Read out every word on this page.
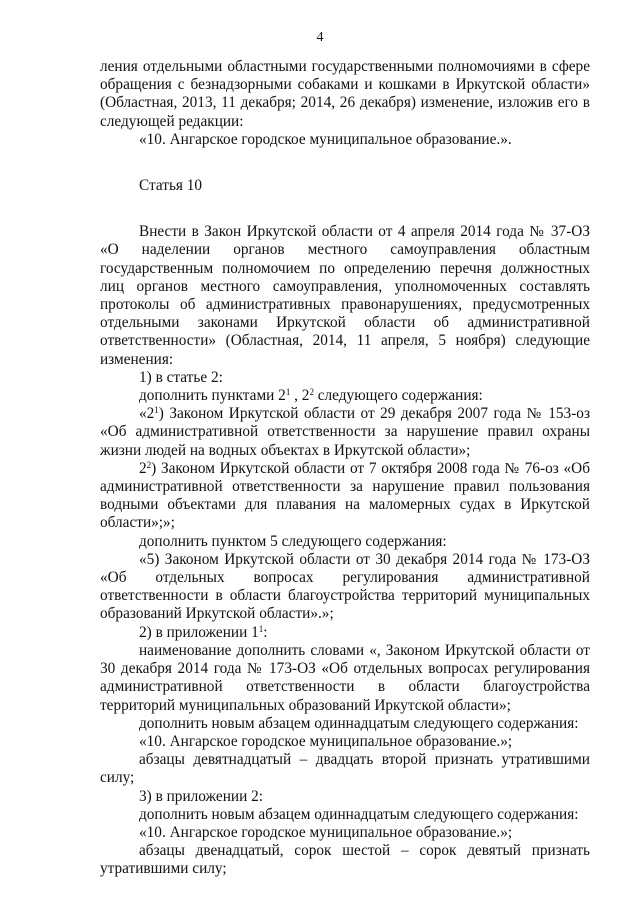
4

ления отдельными областными государственными полномочиями в сфере обращения с безнадзорными собаками и кошками в Иркутской области» (Областная, 2013, 11 декабря; 2014, 26 декабря) изменение, изложив его в следующей редакции:

«10. Ангарское городское муниципальное образование.».

Статья 10

Внести в Закон Иркутской области от 4 апреля 2014 года № 37-ОЗ «О наделении органов местного самоуправления областным государственным полномочием по определению перечня должностных лиц органов местного самоуправления, уполномоченных составлять протоколы об административных правонарушениях, предусмотренных отдельными законами Иркутской области об административной ответственности» (Областная, 2014, 11 апреля, 5 ноября) следующие изменения:

1) в статье 2:

дополнить пунктами $2^1$ , $2^2$ следующего содержания:

«$2^1$) Законом Иркутской области от 29 декабря 2007 года № 153-оз «Об административной ответственности за нарушение правил охраны жизни людей на водных объектах в Иркутской области»;

$2^2$) Законом Иркутской области от 7 октября 2008 года № 76-оз «Об административной ответственности за нарушение правил пользования водными объектами для плавания на маломерных судах в Иркутской области»;»;

дополнить пунктом 5 следующего содержания:

«5) Законом Иркутской области от 30 декабря 2014 года № 173-ОЗ «Об отдельных вопросах регулирования административной ответственности в области благоустройства территорий муниципальных образований Иркутской области».»;

2) в приложении $1^1$:

наименование дополнить словами «, Законом Иркутской области от 30 декабря 2014 года № 173-ОЗ «Об отдельных вопросах регулирования административной ответственности в области благоустройства территорий муниципальных образований Иркутской области»;

дополнить новым абзацем одиннадцатым следующего содержания:

«10. Ангарское городское муниципальное образование.»;

абзацы девятнадцатый – двадцать второй признать утратившими силу;

3) в приложении 2:

дополнить новым абзацем одиннадцатым следующего содержания:

«10. Ангарское городское муниципальное образование.»;

абзацы двенадцатый, сорок шестой – сорок девятый признать утратившими силу;
